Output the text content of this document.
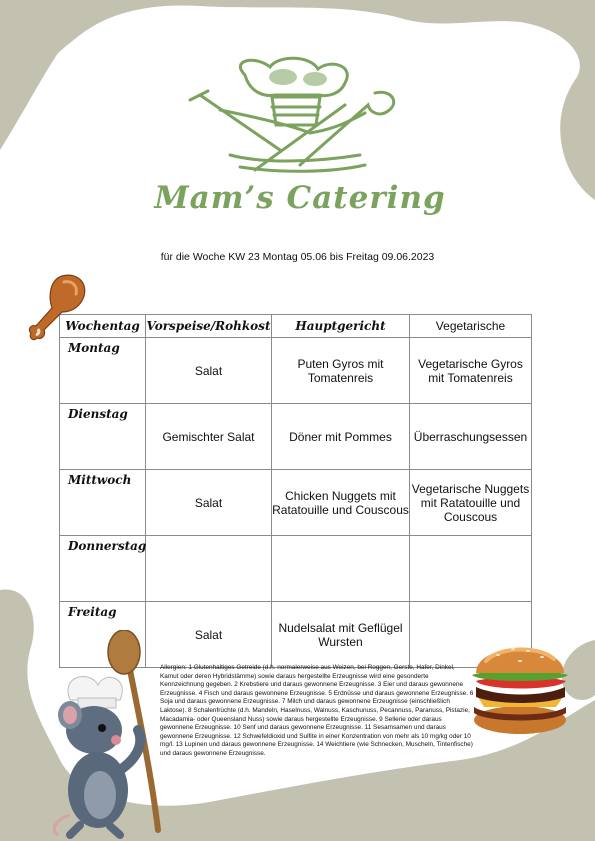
Mam’s Catering
für die Woche KW 23 Montag 05.06 bis Freitag 09.06.2023
Wochentag	Vorspeise/Rohkost	Hauptgericht	Vegetarische
Montag	Salat	Puten Gyros mit Tomatenreis	Vegetarische Gyros mit Tomatenreis
Dienstag	Gemischter Salat	Döner mit Pommes	Überraschungsessen
Mittwoch	Salat	Chicken Nuggets mit Ratatouille und Couscous	Vegetarische Nuggets mit Ratatouille und Couscous
Donnerstag			
Freitag	Salat	Nudelsalat mit Geflügel Wursten	
Allergien: 1 Glutenhaltiges Getreide (d.h. normalerweise aus Weizen, bei Roggen, Gerste, Hafer, Dinkel, Kamut oder deren Hybridstämme) sowie daraus hergestellte Erzeugnisse wird eine gesonderte Kennzeichnung gegeben. 2 Krebstiere und daraus gewonnene Erzeugnisse. 3 Eier und daraus gewonnene Erzeugnisse. 4 Fisch und daraus gewonnene Erzeugnisse. 5 Erdnüsse und daraus gewonnene Erzeugnisse. 6 Soja und daraus gewonnene Erzeugnisse. 7 Milch und daraus gewonnene Erzeugnisse (einschließlich Laktose). 8 Schalenfrüchte (d.h. Mandeln, Haselnuss, Walnuss, Kaschunuss, Pecannuss, Paranuss, Pistazie, Macadamia- oder Queensland Nuss) sowie daraus hergestellte Erzeugnisse. 9 Sellerie oder daraus gewonnene Erzeugnisse. 10 Senf und daraus gewonnene Erzeugnisse. 11 Sesamsamen und daraus gewonnene Erzeugnisse. 12 Schwefeldioxid und Sulfite in einer Konzentration von mehr als 10 mg/kg oder 10 mg/l. 13 Lupinen und daraus gewonnene Erzeugnisse. 14 Weichtiere (wie Schnecken, Muscheln, Tintenfische) und daraus gewonnene Erzeugnisse.
